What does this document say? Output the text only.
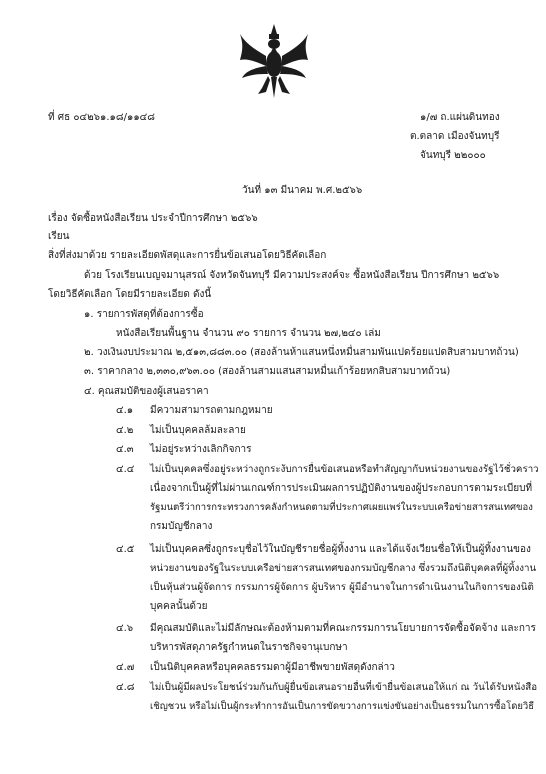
ที่ ศธ ๐๔๒๖๑.๑๘/๑๑๔๘	๑/๗ ถ.แผ่นดินทอง
ต.ตลาด เมืองจันทบุรี
จันทบุรี ๒๒๐๐๐
วันที่ ๑๓ มีนาคม พ.ศ.๒๕๖๖
เรื่อง จัดซื้อหนังสือเรียน ประจำปีการศึกษา ๒๕๖๖
เรียน
สิ่งที่ส่งมาด้วย รายละเอียดพัสดุและการยื่นข้อเสนอโดยวิธีคัดเลือก
ด้วย โรงเรียนเบญจมานุสรณ์ จังหวัดจันทบุรี มีความประสงค์จะ ซื้อหนังสือเรียน ปีการศึกษา ๒๕๖๖
โดยวิธีคัดเลือก โดยมีรายละเอียด ดังนี้
๑. รายการพัสดุที่ต้องการซื้อ
หนังสือเรียนพื้นฐาน จำนวน ๙๐ รายการ จำนวน ๒๗,๒๔๐ เล่ม
๒. วงเงินงบประมาณ ๒,๕๑๓,๘๘๓.๐๐ (สองล้านห้าแสนหนึ่งหมื่นสามพันแปดร้อยแปดสิบสามบาทถ้วน)
๓. ราคากลาง ๒,๓๓๐,๙๖๓.๐๐ (สองล้านสามแสนสามหมื่นเก้าร้อยหกสิบสามบาทถ้วน)
๔. คุณสมบัติของผู้เสนอราคา
๔.๑ มีความสามารถตามกฎหมาย
๔.๒ ไม่เป็นบุคคลล้มละลาย
๔.๓ ไม่อยู่ระหว่างเลิกกิจการ
๔.๔ ไม่เป็นบุคคลซึ่งอยู่ระหว่างถูกระงับการยื่นข้อเสนอหรือทำสัญญากับหน่วยงานของรัฐไว้ชั่วคราว
เนื่องจากเป็นผู้ที่ไม่ผ่านเกณฑ์การประเมินผลการปฏิบัติงานของผู้ประกอบการตามระเบียบที่
รัฐมนตรีว่าการกระทรวงการคลังกำหนดตามที่ประกาศเผยแพร่ในระบบเครือข่ายสารสนเทศของ
กรมบัญชีกลาง
๔.๕ ไม่เป็นบุคคลซึ่งถูกระบุชื่อไว้ในบัญชีรายชื่อผู้ทิ้งงาน และได้แจ้งเวียนชื่อให้เป็นผู้ทิ้งงานของ
หน่วยงานของรัฐในระบบเครือข่ายสารสนเทศของกรมบัญชีกลาง ซึ่งรวมถึงนิติบุคคลที่ผู้ทิ้งงาน
เป็นหุ้นส่วนผู้จัดการ กรรมการผู้จัดการ ผู้บริหาร ผู้มีอำนาจในการดำเนินงานในกิจการของนิติ
บุคคลนั้นด้วย
๔.๖ มีคุณสมบัติและไม่มีลักษณะต้องห้ามตามที่คณะกรรมการนโยบายการจัดซื้อจัดจ้าง และการ
บริหารพัสดุภาครัฐกำหนดในราชกิจจานุเบกษา
๔.๗ เป็นนิติบุคคลหรือบุคคลธรรมดาผู้มีอาชีพขายพัสดุดังกล่าว
๔.๘ ไม่เป็นผู้มีผลประโยชน์ร่วมกันกับผู้ยื่นข้อเสนอรายอื่นที่เข้ายื่นข้อเสนอให้แก่ ณ วันได้รับหนังสือ
เชิญชวน หรือไม่เป็นผู้กระทำการอันเป็นการขัดขวางการแข่งขันอย่างเป็นธรรมในการซื้อโดยวิธี
